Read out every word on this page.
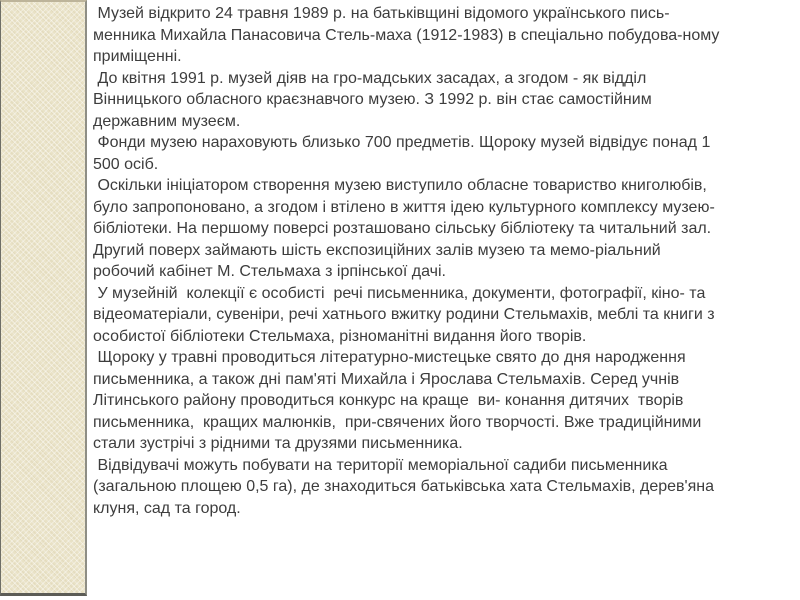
Музей відкрито 24 травня 1989 р. на батьківщині відомого українського пись-
менника Михайла Панасовича Стель-маха (1912-1983) в спеціально побудова-ному
приміщенні.
До квітня 1991 р. музей діяв на гро-мадських засадах, а згодом - як відділ
Вінницького обласного краєзнавчого музею. З 1992 р. він стає самостійним
державним музеєм.
Фонди музею нараховують близько 700 предметів. Щороку музей відвідує понад 1
500 осіб.
Оскільки ініціатором створення музею виступило обласне товариство книголюбів,
було запропоновано, а згодом і втілено в життя ідею культурного комплексу музею-
бібліотеки. На першому поверсі розташовано сільську бібліотеку та читальний зал.
Другий поверх займають шість експозиційних залів музею та мемо-ріальний
робочий кабінет М. Стельмаха з ірпінської дачі.
У музейній  колекції є особисті  речі письменника, документи, фотографії, кіно- та
відеоматеріали, сувеніри, речі хатнього вжитку родини Стельмахів, меблі та книги з
особистої бібліотеки Стельмаха, різноманітні видання його творів.
Щороку у травні проводиться літературно-мистецьке свято до дня народження
письменника, а також дні пам'яті Михайла і Ярослава Стельмахів. Серед учнів
Літинського району проводиться конкурс на краще  ви- конання дитячих  творів
письменника,  кращих малюнків,  при-свячених його творчості. Вже традиційними
стали зустрічі з рідними та друзями письменника.
Відвідувачі можуть побувати на території меморіальної садиби письменника
(загальною площею 0,5 га), де знаходиться батьківська хата Стельмахів, дерев'яна
клуня, сад та город.
